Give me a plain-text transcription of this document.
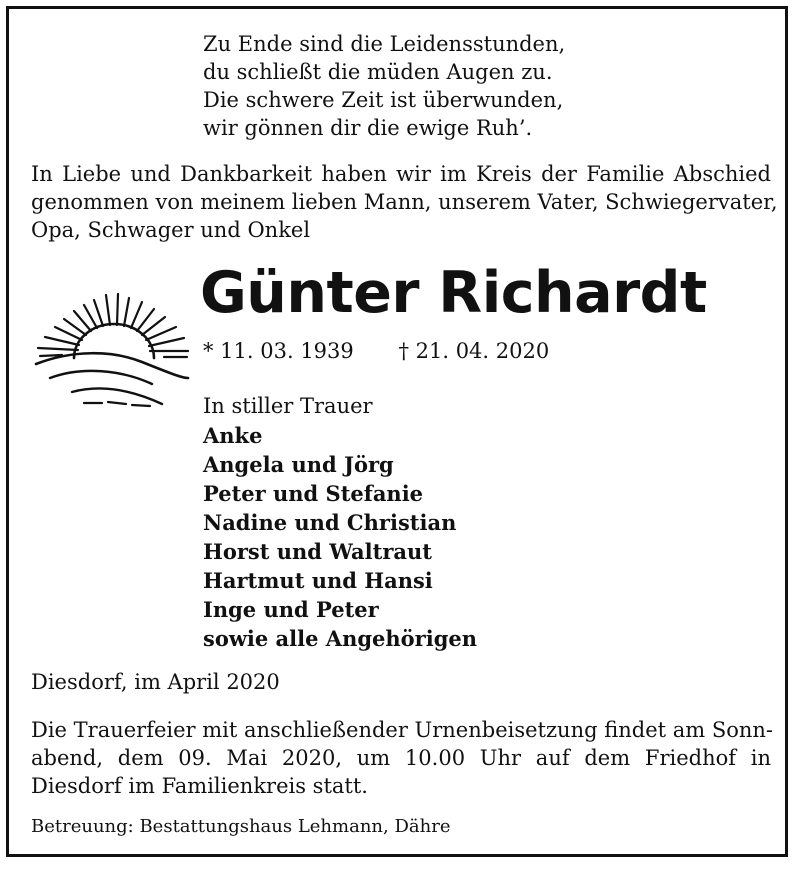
Zu Ende sind die Leidensstunden,
du schließt die müden Augen zu.
Die schwere Zeit ist überwunden,
wir gönnen dir die ewige Ruh’.
In Liebe und Dankbarkeit haben wir im Kreis der Familie Abschied
genommen von meinem lieben Mann, unserem Vater, Schwiegervater,
Opa, Schwager und Onkel
Günter Richardt
* 11. 03. 1939 † 21. 04. 2020
In stiller Trauer
Anke
Angela und Jörg
Peter und Stefanie
Nadine und Christian
Horst und Waltraut
Hartmut und Hansi
Inge und Peter
sowie alle Angehörigen
Diesdorf, im April 2020
Die Trauerfeier mit anschließender Urnenbeisetzung findet am Sonn-
abend, dem 09. Mai 2020, um 10.00 Uhr auf dem Friedhof in
Diesdorf im Familienkreis statt.
Betreuung: Bestattungshaus Lehmann, Dähre
